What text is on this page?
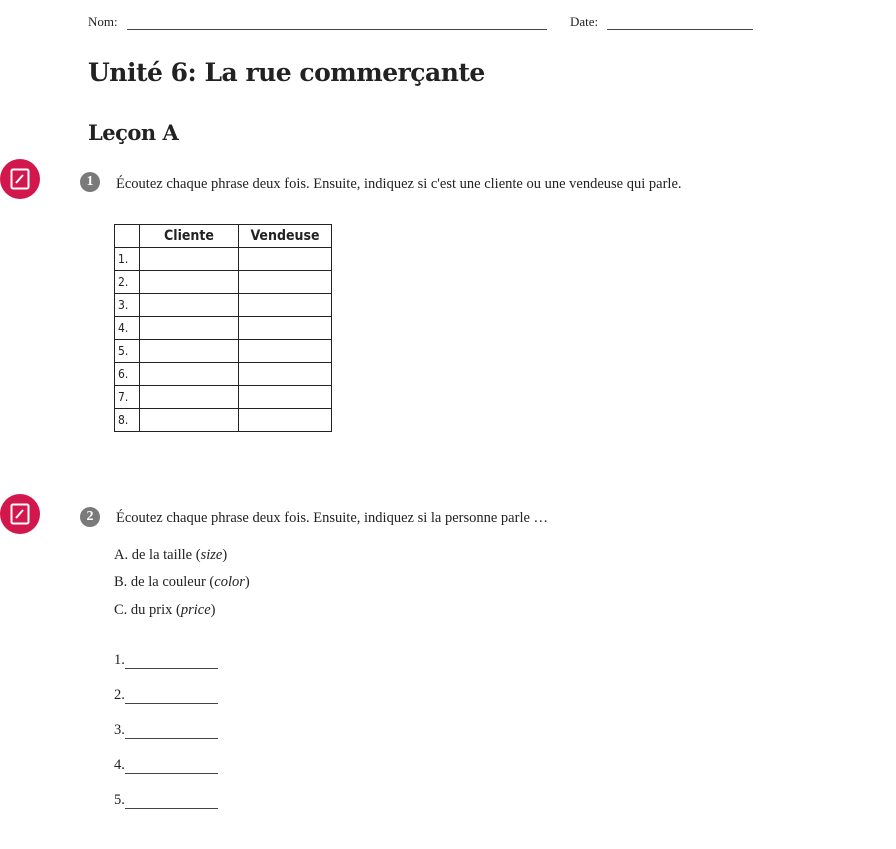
Nom:	Date:
Unité 6: La rue commerçante
Leçon A
1	Écoutez chaque phrase deux fois. Ensuite, indiquez si c'est une cliente ou une vendeuse qui parle.
	Cliente	Vendeuse
1.		
2.		
3.		
4.		
5.		
6.		
7.		
8.		
2	Écoutez chaque phrase deux fois. Ensuite, indiquez si la personne parle …
A. de la taille (size)
B. de la couleur (color)
C. du prix (price)
1.
2.
3.
4.
5.
